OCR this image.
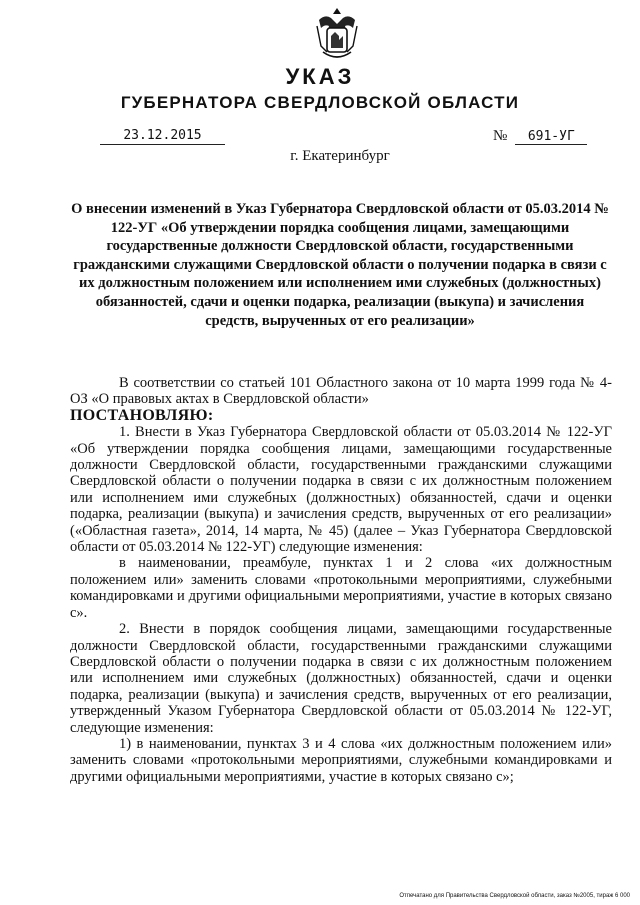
УКАЗ
ГУБЕРНАТОРА СВЕРДЛОВСКОЙ ОБЛАСТИ
23.12.2015	№ 691-УГ
г. Екатеринбург
О внесении изменений в Указ Губернатора Свердловской области от 05.03.2014 № 122-УГ «Об утверждении порядка сообщения лицами, замещающими государственные должности Свердловской области, государственными гражданскими служащими Свердловской области о получении подарка в связи с их должностным положением или исполнением ими служебных (должностных) обязанностей, сдачи и оценки подарка, реализации (выкупа) и зачисления средств, вырученных от его реализации»

В соответствии со статьей 101 Областного закона от 10 марта 1999 года № 4-ОЗ «О правовых актах в Свердловской области»

ПОСТАНОВЛЯЮ:

1. Внести в Указ Губернатора Свердловской области от 05.03.2014 № 122-УГ «Об утверждении порядка сообщения лицами, замещающими государственные должности Свердловской области, государственными гражданскими служащими Свердловской области о получении подарка в связи с их должностным положением или исполнением ими служебных (должностных) обязанностей, сдачи и оценки подарка, реализации (выкупа) и зачисления средств, вырученных от его реализации» («Областная газета», 2014, 14 марта, № 45) (далее – Указ Губернатора Свердловской области от 05.03.2014 № 122-УГ) следующие изменения:

в наименовании, преамбуле, пунктах 1 и 2 слова «их должностным положением или» заменить словами «протокольными мероприятиями, служебными командировками и другими официальными мероприятиями, участие в которых связано с».

2. Внести в порядок сообщения лицами, замещающими государственные должности Свердловской области, государственными гражданскими служащими Свердловской области о получении подарка в связи с их должностным положением или исполнением ими служебных (должностных) обязанностей, сдачи и оценки подарка, реализации (выкупа) и зачисления средств, вырученных от его реализации, утвержденный Указом Губернатора Свердловской области от 05.03.2014 № 122-УГ, следующие изменения:

1) в наименовании, пунктах 3 и 4 слова «их должностным положением или» заменить словами «протокольными мероприятиями, служебными командировками и другими официальными мероприятиями, участие в которых связано с»;

Отпечатано для Правительства Свердловской области, заказ №2005, тираж 6 000
